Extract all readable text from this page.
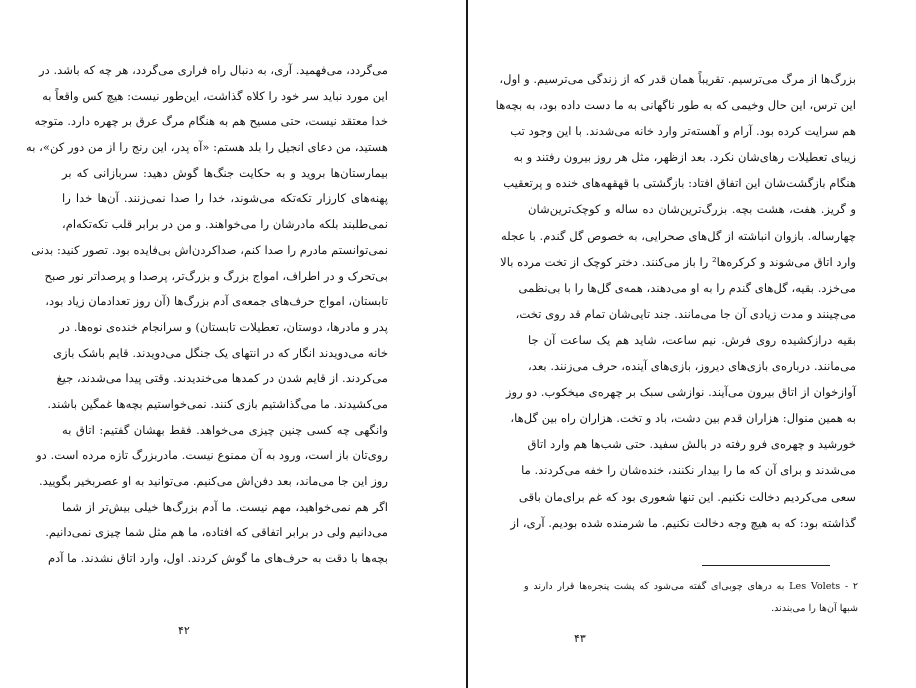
می‌گردد، می‌فهمید. آری، به دنبال راه فراری می‌گردد، هر چه که باشد. در
این مورد نباید سر خود را کلاه گذاشت، این‌طور نیست: هیچ کس واقعاً به
خدا معتقد نیست، حتی مسیح هم به هنگام مرگ عرق بر چهره دارد. متوجه
هستید، من دعای انجیل را بلد هستم: «آه پدر، این رنج را از من دور کن»، به
بیمارستان‌ها بروید و به حکایت جنگ‌ها گوش دهید: سربازانی که بر
پهنه‌های کارزار تکه‌تکه می‌شوند، خدا را صدا نمی‌زنند. آن‌ها خدا را
نمی‌طلبند بلکه مادرشان را می‌خواهند. و من در برابر قلب تکه‌تکه‌ام،
نمی‌توانستم مادرم را صدا کنم، صداکردن‌اش بی‌فایده بود. تصور کنید: بدنی
بی‌تحرک و در اطراف، امواج بزرگ و بزرگ‌تر، پرصدا و پرصداتر نور صبح
تابستان، امواج حرف‌های جمعه‌ی آدم بزرگ‌ها (آن روز تعدادمان زیاد بود،
پدر و مادرها، دوستان، تعطیلات تابستان) و سرانجام خنده‌ی نوه‌ها. در
خانه می‌دویدند انگار که در انتهای یک جنگل می‌دویدند. قایم باشک بازی
می‌کردند. از قایم شدن در کمدها می‌خندیدند. وقتی پیدا می‌شدند، جیغ
می‌کشیدند. ما می‌گذاشتیم بازی کنند. نمی‌خواستیم بچه‌ها غمگین باشند.
وانگهی چه کسی چنین چیزی می‌خواهد. فقط بهشان گفتیم: اتاق به
روی‌تان باز است، ورود به آن ممنوع نیست. مادربزرگ تازه مرده است. دو
روز این جا می‌ماند، بعد دفن‌اش می‌کنیم. می‌توانید به او عصربخیر بگویید.
اگر هم نمی‌خواهید، مهم نیست. ما آدم بزرگ‌ها خیلی بیش‌تر از شما
می‌دانیم ولی در برابر اتفاقی که افتاده، ما هم مثل شما چیزی نمی‌دانیم.
بچه‌ها با دقت به حرف‌های ما گوش کردند. اول، وارد اتاق نشدند. ما آدم
۴۲
بزرگ‌ها از مرگ می‌ترسیم. تقریباً همان قدر که از زندگی می‌ترسیم. و اول،
این ترس، این حال وخیمی که به طور ناگهانی به ما دست داده بود، به بچه‌ها
هم سرایت کرده بود. آرام و آهسته‌تر وارد خانه می‌شدند. با این وجود تب
زیبای تعطیلات رهای‌شان نکرد. بعد ازظهر، مثل هر روز بیرون رفتند و به
هنگام بازگشت‌شان این اتفاق افتاد: بازگشتی با قهقهه‌های خنده و پرتعقیب
و گریز. هفت، هشت بچه. بزرگ‌ترین‌شان ده ساله و کوچک‌ترین‌شان
چهارساله. بازوان انباشته از گل‌های صحرایی، به خصوص گل گندم. با عجله
وارد اتاق می‌شوند و کرکره‌ها² را باز می‌کنند. دختر کوچک از تخت مرده بالا
می‌خزد. بقیه، گل‌های گندم را به او می‌دهند، همه‌ی گل‌ها را با بی‌نظمی
می‌چینند و مدت زیادی آن جا می‌مانند. جند تایی‌شان تمام قد روی تخت،
بقیه درازکشیده روی فرش. نیم ساعت، شاید هم یک ساعت آن جا
می‌مانند. درباره‌ی بازی‌های دیروز، بازی‌های آینده، حرف می‌زنند. بعد،
آوازخوان از اتاق بیرون می‌آیند. نوازشی سبک بر چهره‌ی میخکوب. دو روز
به همین منوال: هزاران قدم بین دشت، باد و تخت. هزاران راه بین گل‌ها،
خورشید و چهره‌ی فرو رفته در بالش سفید. حتی شب‌ها هم وارد اتاق
می‌شدند و برای آن که ما را بیدار نکنند، خنده‌شان را خفه می‌کردند. ما
سعی می‌کردیم دخالت نکنیم. این تنها شعوری بود که غم برای‌مان باقی
گذاشته بود: که به هیچ وجه دخالت نکنیم. ما شرمنده شده بودیم. آری، از
۲ - Les Volets به درهای چوبی‌ای گفته می‌شود که پشت پنجره‌ها قرار دارند و
شبها آن‌ها را می‌بندند.
۴۳
